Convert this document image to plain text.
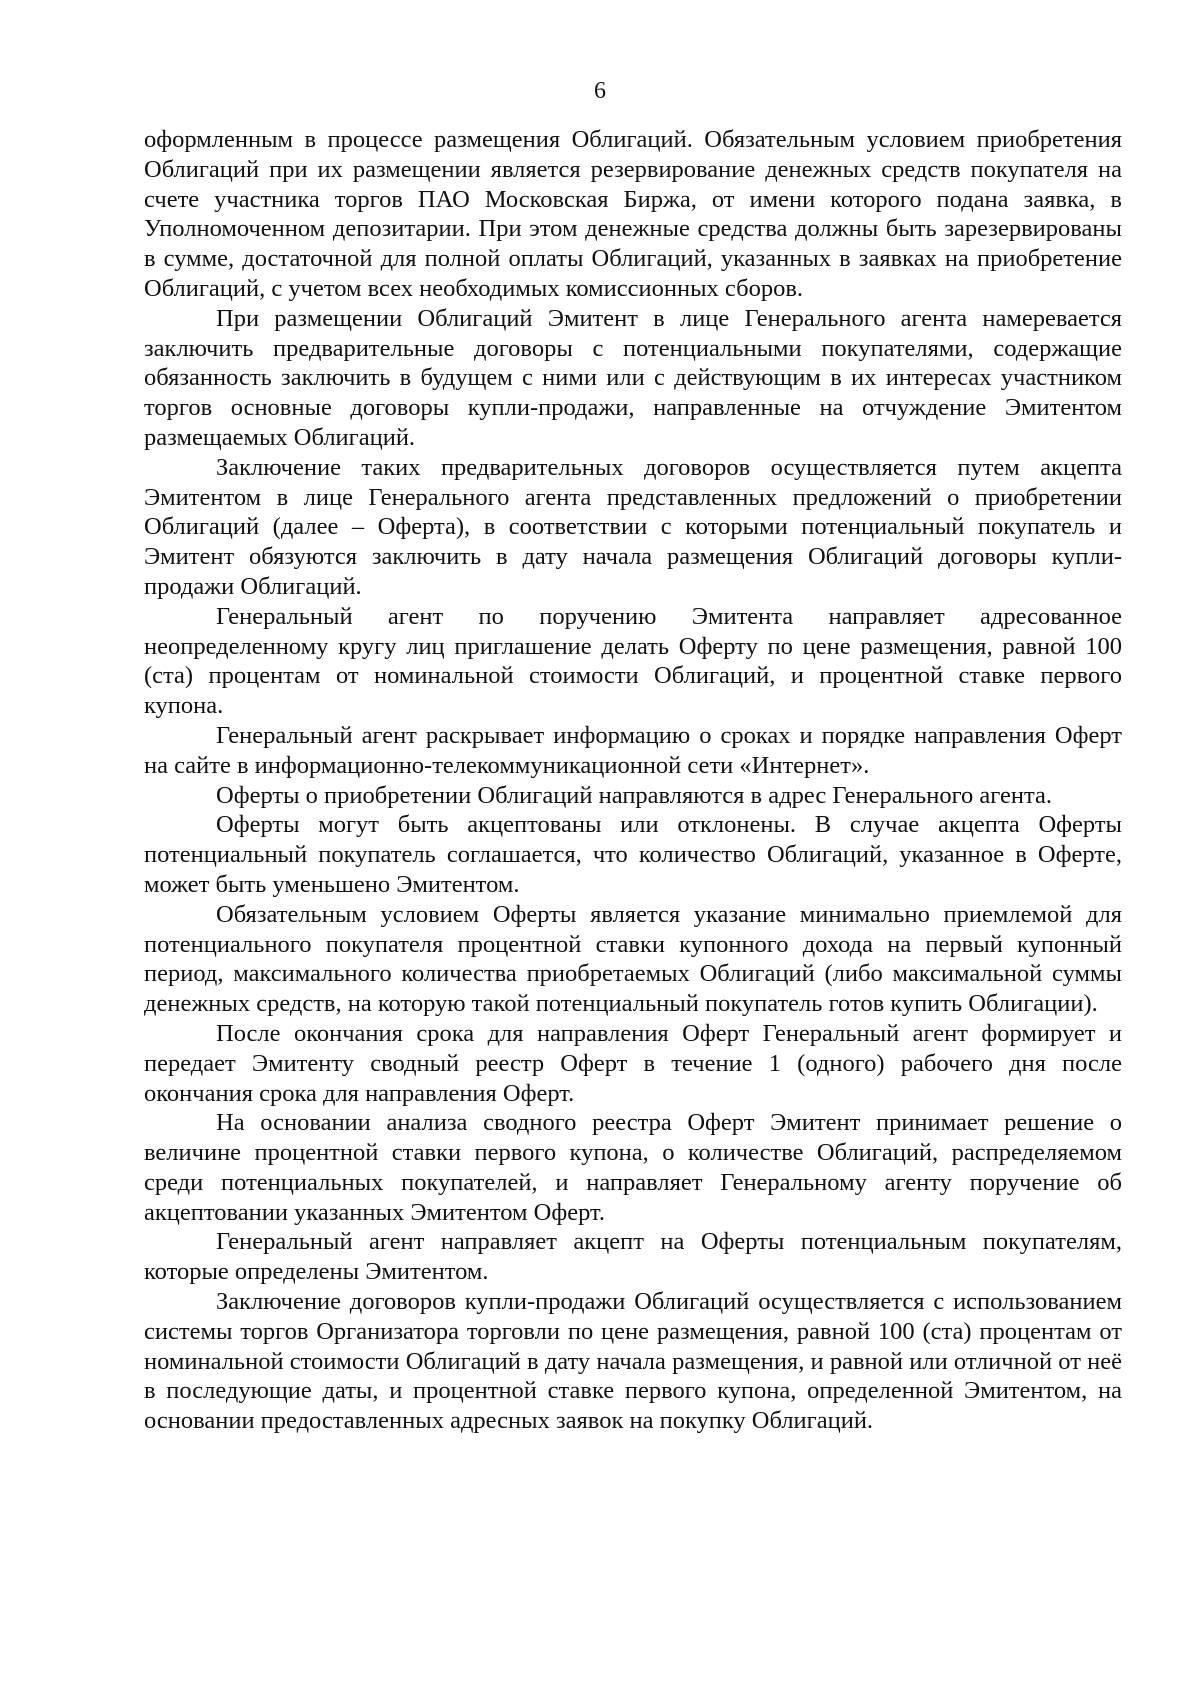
6

оформленным в процессе размещения Облигаций. Обязательным условием приобретения Облигаций при их размещении является резервирование денежных средств покупателя на счете участника торгов ПАО Московская Биржа, от имени которого подана заявка, в Уполномоченном депозитарии. При этом денежные средства должны быть зарезервированы в сумме, достаточной для полной оплаты Облигаций, указанных в заявках на приобретение Облигаций, с учетом всех необходимых комиссионных сборов.

При размещении Облигаций Эмитент в лице Генерального агента намеревается заключить предварительные договоры с потенциальными покупателями, содержащие обязанность заключить в будущем с ними или с действующим в их интересах участником торгов основные договоры купли-продажи, направленные на отчуждение Эмитентом размещаемых Облигаций.

Заключение таких предварительных договоров осуществляется путем акцепта Эмитентом в лице Генерального агента представленных предложений о приобретении Облигаций (далее – Оферта), в соответствии с которыми потенциальный покупатель и Эмитент обязуются заключить в дату начала размещения Облигаций договоры купли-продажи Облигаций.

Генеральный агент по поручению Эмитента направляет адресованное неопределенному кругу лиц приглашение делать Оферту по цене размещения, равной 100 (ста) процентам от номинальной стоимости Облигаций, и процентной ставке первого купона.

Генеральный агент раскрывает информацию о сроках и порядке направления Оферт на сайте в информационно-телекоммуникационной сети «Интернет».

Оферты о приобретении Облигаций направляются в адрес Генерального агента.

Оферты могут быть акцептованы или отклонены. В случае акцепта Оферты потенциальный покупатель соглашается, что количество Облигаций, указанное в Оферте, может быть уменьшено Эмитентом.

Обязательным условием Оферты является указание минимально приемлемой для потенциального покупателя процентной ставки купонного дохода на первый купонный период, максимального количества приобретаемых Облигаций (либо максимальной суммы денежных средств, на которую такой потенциальный покупатель готов купить Облигации).

После окончания срока для направления Оферт Генеральный агент формирует и передает Эмитенту сводный реестр Оферт в течение 1 (одного) рабочего дня после окончания срока для направления Оферт.

На основании анализа сводного реестра Оферт Эмитент принимает решение о величине процентной ставки первого купона, о количестве Облигаций, распределяемом среди потенциальных покупателей, и направляет Генеральному агенту поручение об акцептовании указанных Эмитентом Оферт.

Генеральный агент направляет акцепт на Оферты потенциальным покупателям, которые определены Эмитентом.

Заключение договоров купли-продажи Облигаций осуществляется с использованием системы торгов Организатора торговли по цене размещения, равной 100 (ста) процентам от номинальной стоимости Облигаций в дату начала размещения, и равной или отличной от неё в последующие даты, и процентной ставке первого купона, определенной Эмитентом, на основании предоставленных адресных заявок на покупку Облигаций.
